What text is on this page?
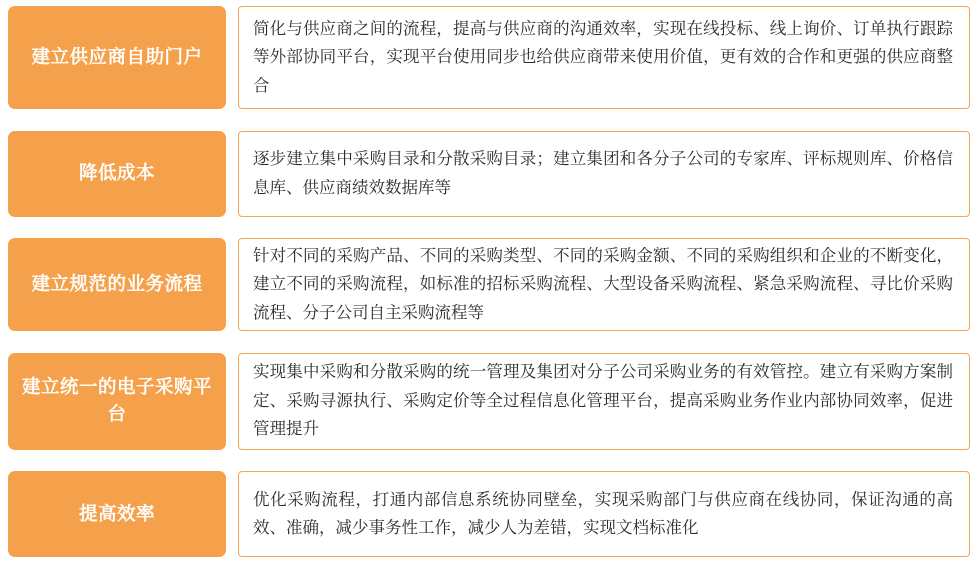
建立供应商自助门户
简化与供应商之间的流程，提高与供应商的沟通效率，实现在线投标、线上询价、订单执行跟踪等外部协同平台，实现平台使用同步也给供应商带来使用价值，更有效的合作和更强的供应商整合
降低成本
逐步建立集中采购目录和分散采购目录；建立集团和各分子公司的专家库、评标规则库、价格信息库、供应商绩效数据库等
建立规范的业务流程
针对不同的采购产品、不同的采购类型、不同的采购金额、不同的采购组织和企业的不断变化，建立不同的采购流程，如标准的招标采购流程、大型设备采购流程、紧急采购流程、寻比价采购流程、分子公司自主采购流程等
建立统一的电子采购平台
实现集中采购和分散采购的统一管理及集团对分子公司采购业务的有效管控。建立有采购方案制定、采购寻源执行、采购定价等全过程信息化管理平台，提高采购业务作业内部协同效率，促进管理提升
提高效率
优化采购流程，打通内部信息系统协同壁垒，实现采购部门与供应商在线协同，保证沟通的高效、准确，减少事务性工作，减少人为差错，实现文档标准化
